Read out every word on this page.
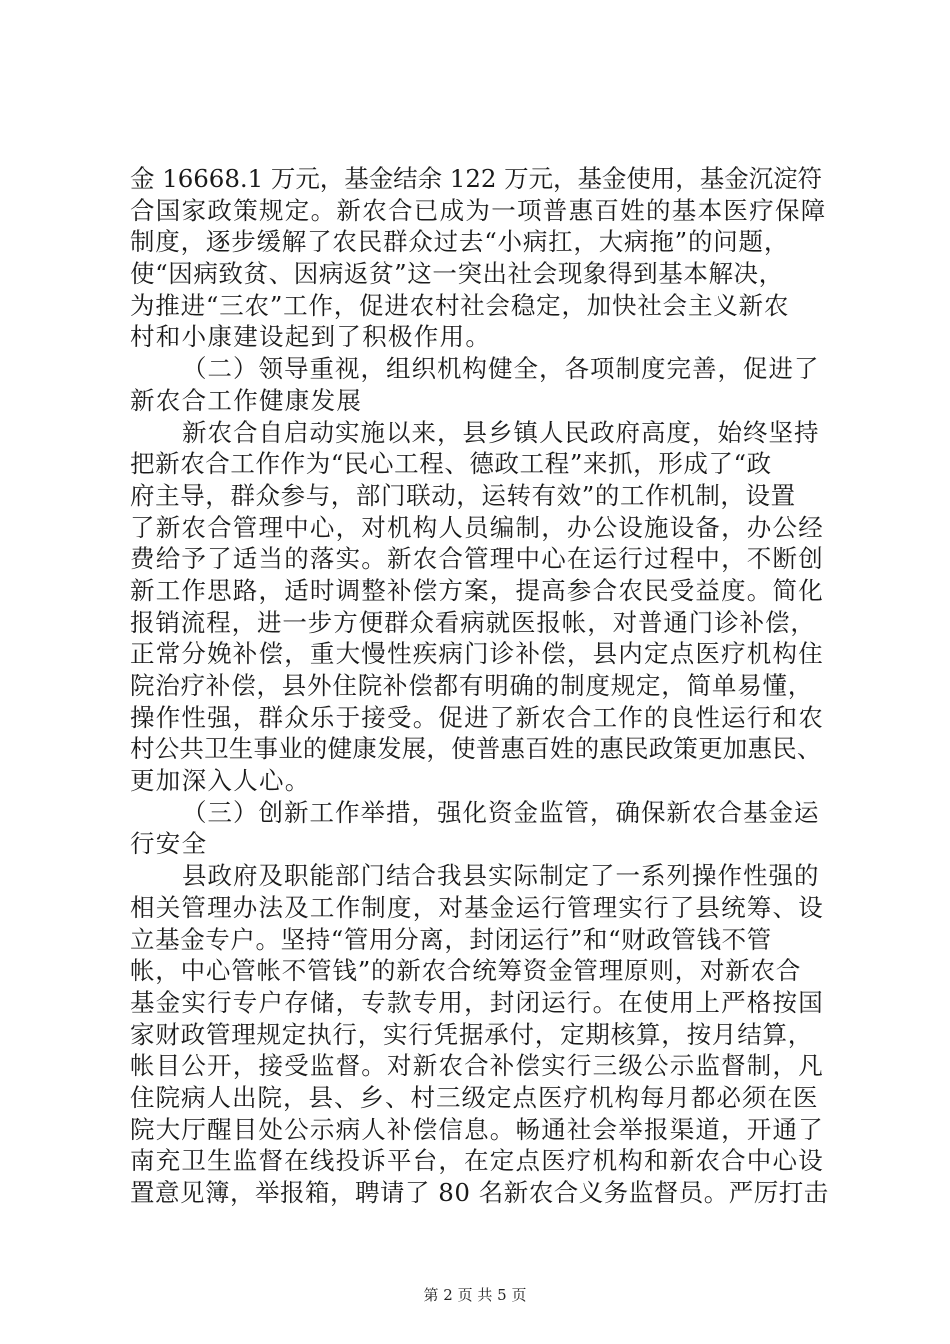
金 16668.1 万元，基金结余 122 万元，基金使用，基金沉淀符
合国家政策规定。新农合已成为一项普惠百姓的基本医疗保障
制度，逐步缓解了农民群众过去“小病扛，大病拖”的问题，
使“因病致贫、因病返贫”这一突出社会现象得到基本解决，
为推进“三农”工作，促进农村社会稳定，加快社会主义新农
村和小康建设起到了积极作用。
（二）领导重视，组织机构健全，各项制度完善，促进了
新农合工作健康发展
新农合自启动实施以来，县乡镇人民政府高度，始终坚持
把新农合工作作为“民心工程、德政工程”来抓，形成了“政
府主导，群众参与，部门联动，运转有效”的工作机制，设置
了新农合管理中心，对机构人员编制，办公设施设备，办公经
费给予了适当的落实。新农合管理中心在运行过程中，不断创
新工作思路，适时调整补偿方案，提高参合农民受益度。简化
报销流程，进一步方便群众看病就医报帐，对普通门诊补偿，
正常分娩补偿，重大慢性疾病门诊补偿，县内定点医疗机构住
院治疗补偿，县外住院补偿都有明确的制度规定，简单易懂，
操作性强，群众乐于接受。促进了新农合工作的良性运行和农
村公共卫生事业的健康发展，使普惠百姓的惠民政策更加惠民、
更加深入人心。
（三）创新工作举措，强化资金监管，确保新农合基金运
行安全
县政府及职能部门结合我县实际制定了一系列操作性强的
相关管理办法及工作制度，对基金运行管理实行了县统筹、设
立基金专户。坚持“管用分离，封闭运行”和“财政管钱不管
帐，中心管帐不管钱”的新农合统筹资金管理原则，对新农合
基金实行专户存储，专款专用，封闭运行。在使用上严格按国
家财政管理规定执行，实行凭据承付，定期核算，按月结算，
帐目公开，接受监督。对新农合补偿实行三级公示监督制，凡
住院病人出院，县、乡、村三级定点医疗机构每月都必须在医
院大厅醒目处公示病人补偿信息。畅通社会举报渠道，开通了
南充卫生监督在线投诉平台，在定点医疗机构和新农合中心设
置意见簿，举报箱，聘请了 80 名新农合义务监督员。严厉打击
第 2 页 共 5 页
